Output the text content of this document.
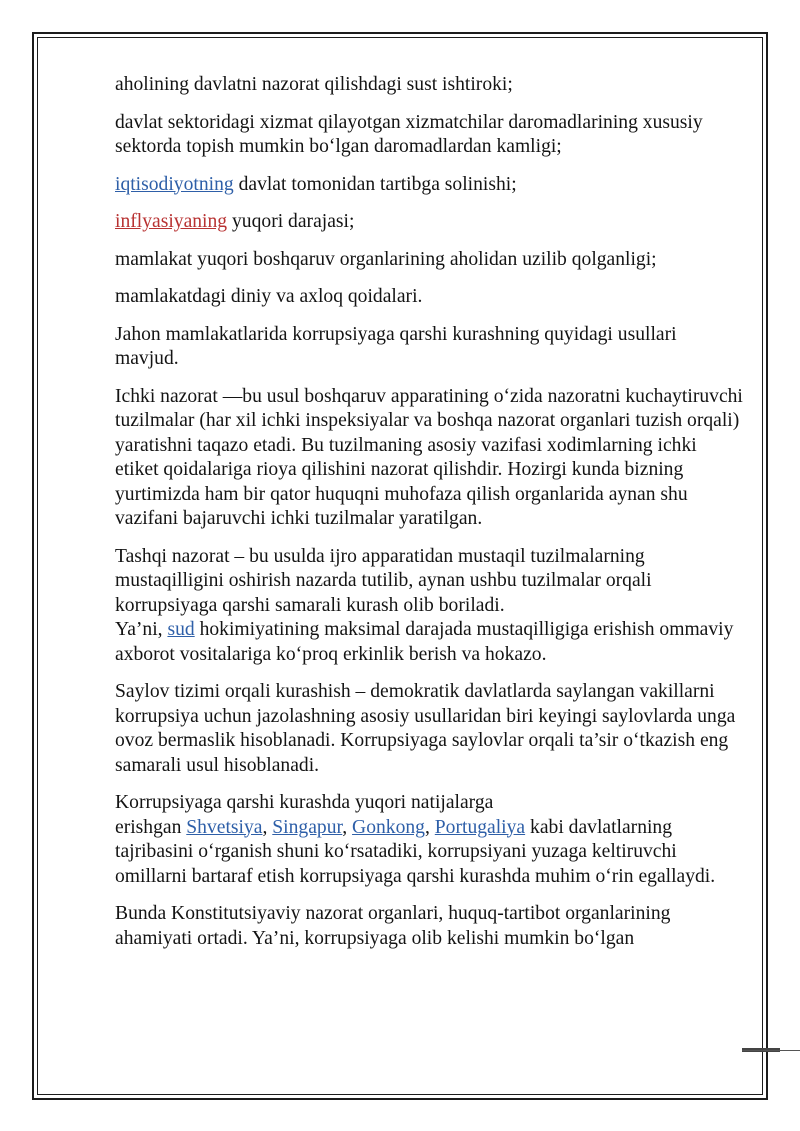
aholining davlatni nazorat qilishdagi sust ishtiroki;

davlat sektoridagi xizmat qilayotgan xizmatchilar daromadlarining xususiy sektorda topish mumkin bo‘lgan daromadlardan kamligi;

iqtisodiyotning davlat tomonidan tartibga solinishi;

inflyasiyaning yuqori darajasi;

mamlakat yuqori boshqaruv organlarining aholidan uzilib qolganligi;

mamlakatdagi diniy va axloq qoidalari.

Jahon mamlakatlarida korrupsiyaga qarshi kurashning quyidagi usullari mavjud.

Ichki nazorat —bu usul boshqaruv apparatining o‘zida nazoratni kuchaytiruvchi tuzilmalar (har xil ichki inspeksiyalar va boshqa nazorat organlari tuzish orqali) yaratishni taqazo etadi. Bu tuzilmaning asosiy vazifasi xodimlarning ichki etiket qoidalariga rioya qilishini nazorat qilishdir. Hozirgi kunda bizning yurtimizda ham bir qator huquqni muhofaza qilish organlarida aynan shu vazifani bajaruvchi ichki tuzilmalar yaratilgan.

Tashqi nazorat – bu usulda ijro apparatidan mustaqil tuzilmalarning mustaqilligini oshirish nazarda tutilib, aynan ushbu tuzilmalar orqali korrupsiyaga qarshi samarali kurash olib boriladi.
Ya’ni, sud hokimiyatining maksimal darajada mustaqilligiga erishish ommaviy axborot vositalariga ko‘proq erkinlik berish va hokazo.

Saylov tizimi orqali kurashish – demokratik davlatlarda saylangan vakillarni korrupsiya uchun jazolashning asosiy usullaridan biri keyingi saylovlarda unga ovoz bermaslik hisoblanadi. Korrupsiyaga saylovlar orqali ta’sir o‘tkazish eng samarali usul hisoblanadi.

Korrupsiyaga qarshi kurashda yuqori natijalarga
erishgan Shvetsiya, Singapur, Gonkong, Portugaliya kabi davlatlarning tajribasini o‘rganish shuni ko‘rsatadiki, korrupsiyani yuzaga keltiruvchi omillarni bartaraf etish korrupsiyaga qarshi kurashda muhim o‘rin egallaydi.

Bunda Konstitutsiyaviy nazorat organlari, huquq-tartibot organlarining ahamiyati ortadi. Ya’ni, korrupsiyaga olib kelishi mumkin bo‘lgan
